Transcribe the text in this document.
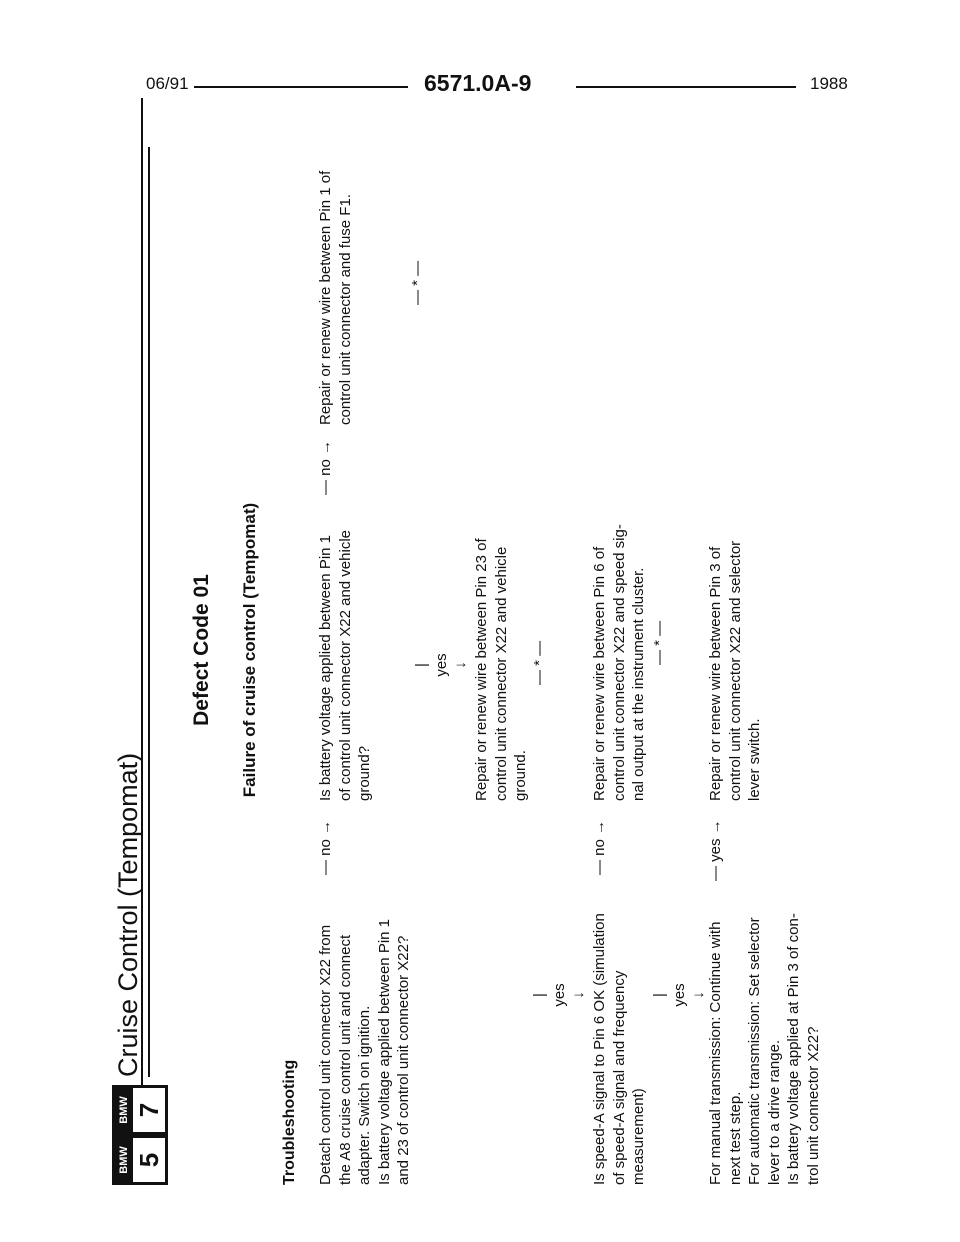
06/91	6571.0A-9	1988
BMW 5
BMW 7
Cruise Control (Tempomat)
Defect Code 01 Failure of cruise control (Tempomat)
Troubleshooting Detach control unit connector X22 from the A8 cruise control unit and connect adapter. Switch on ignition. Is battery voltage applied between Pin 1 and 23 of control unit connector X22?
— no →
Is battery voltage applied between Pin 1 of control unit connector X22 and vehicle ground?
— no →
Repair or renew wire between Pin 1 of control unit connector and fuse F1.	— * —
| yes ↓ Repair or renew wire between Pin 23 of control unit connector X22 and vehicle ground.
— * —
| yes ↓ Is speed-A signal to Pin 6 OK (simulation of speed-A signal and frequency measurement)
— no →
Repair or renew wire between Pin 6 of control unit connector X22 and speed sig- nal output at the instrument cluster. — * —
| yes ↓ For manual transmission: Continue with next test step. For automatic transmission: Set selector lever to a drive range. Is battery voltage applied at Pin 3 of con- trol unit connector X22?
— yes →
Repair or renew wire between Pin 3 of control unit connector X22 and selector lever switch.
